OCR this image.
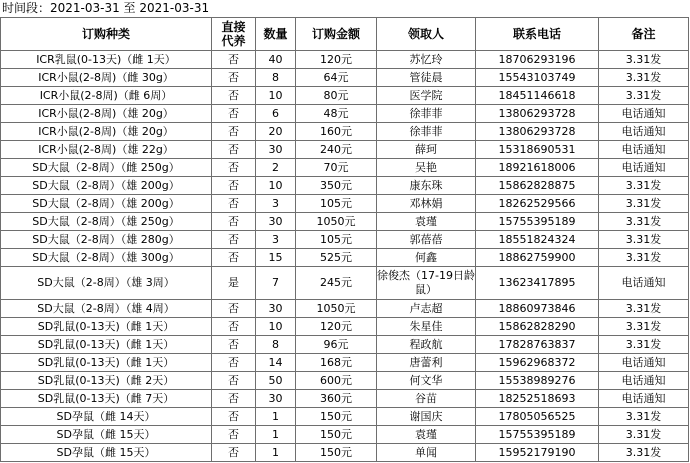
时间段：2021-03-31 至 2021-03-31
订购种类	直接代养	数量	订购金额	领取人	联系电话	备注
ICR乳鼠(0-13天)（雌 1天）	否	40	120元	苏忆玲	18706293196	3.31发
ICR小鼠(2-8周)（雌 30g）	否	8	64元	管徒晨	15543103749	3.31发
ICR小鼠(2-8周)（雌 6周）	否	10	80元	医学院	18451146618	3.31发
ICR小鼠(2-8周)（雄 20g）	否	6	48元	徐菲菲	13806293728	电话通知
ICR小鼠(2-8周)（雄 20g）	否	20	160元	徐菲菲	13806293728	电话通知
ICR小鼠(2-8周)（雄 22g）	否	30	240元	薛珂	15318690531	电话通知
SD大鼠（2-8周）（雌 250g）	否	2	70元	吴艳	18921618006	电话通知
SD大鼠（2-8周）（雄 200g）	否	10	350元	康东珠	15862828875	3.31发
SD大鼠（2-8周）（雄 200g）	否	3	105元	邓林娟	18262529566	3.31发
SD大鼠（2-8周）（雄 250g）	否	30	1050元	袁瑾	15755395189	3.31发
SD大鼠（2-8周）（雄 280g）	否	3	105元	郭蓓蓓	18551824324	3.31发
SD大鼠（2-8周）（雄 300g）	否	15	525元	何鑫	18862759900	3.31发
SD大鼠（2-8周）（雄 3周）	是	7	245元	徐俊杰（17-19日龄鼠）	13623417895	电话通知
SD大鼠（2-8周）（雄 4周）	否	30	1050元	卢志超	18860973846	3.31发
SD乳鼠(0-13天)（雌 1天）	否	10	120元	朱星佳	15862828290	3.31发
SD乳鼠(0-13天)（雌 1天）	否	8	96元	程政航	17828763837	3.31发
SD乳鼠(0-13天)（雌 1天）	否	14	168元	唐蕾利	15962968372	电话通知
SD乳鼠(0-13天)（雌 2天）	否	50	600元	何文华	15538989276	电话通知
SD乳鼠(0-13天)（雌 7天）	否	30	360元	谷苗	18252518693	电话通知
SD孕鼠（雌 14天）	否	1	150元	谢国庆	17805056525	3.31发
SD孕鼠（雌 15天）	否	1	150元	袁瑾	15755395189	3.31发
SD孕鼠（雌 15天）	否	1	150元	单闻	15952179190	3.31发
